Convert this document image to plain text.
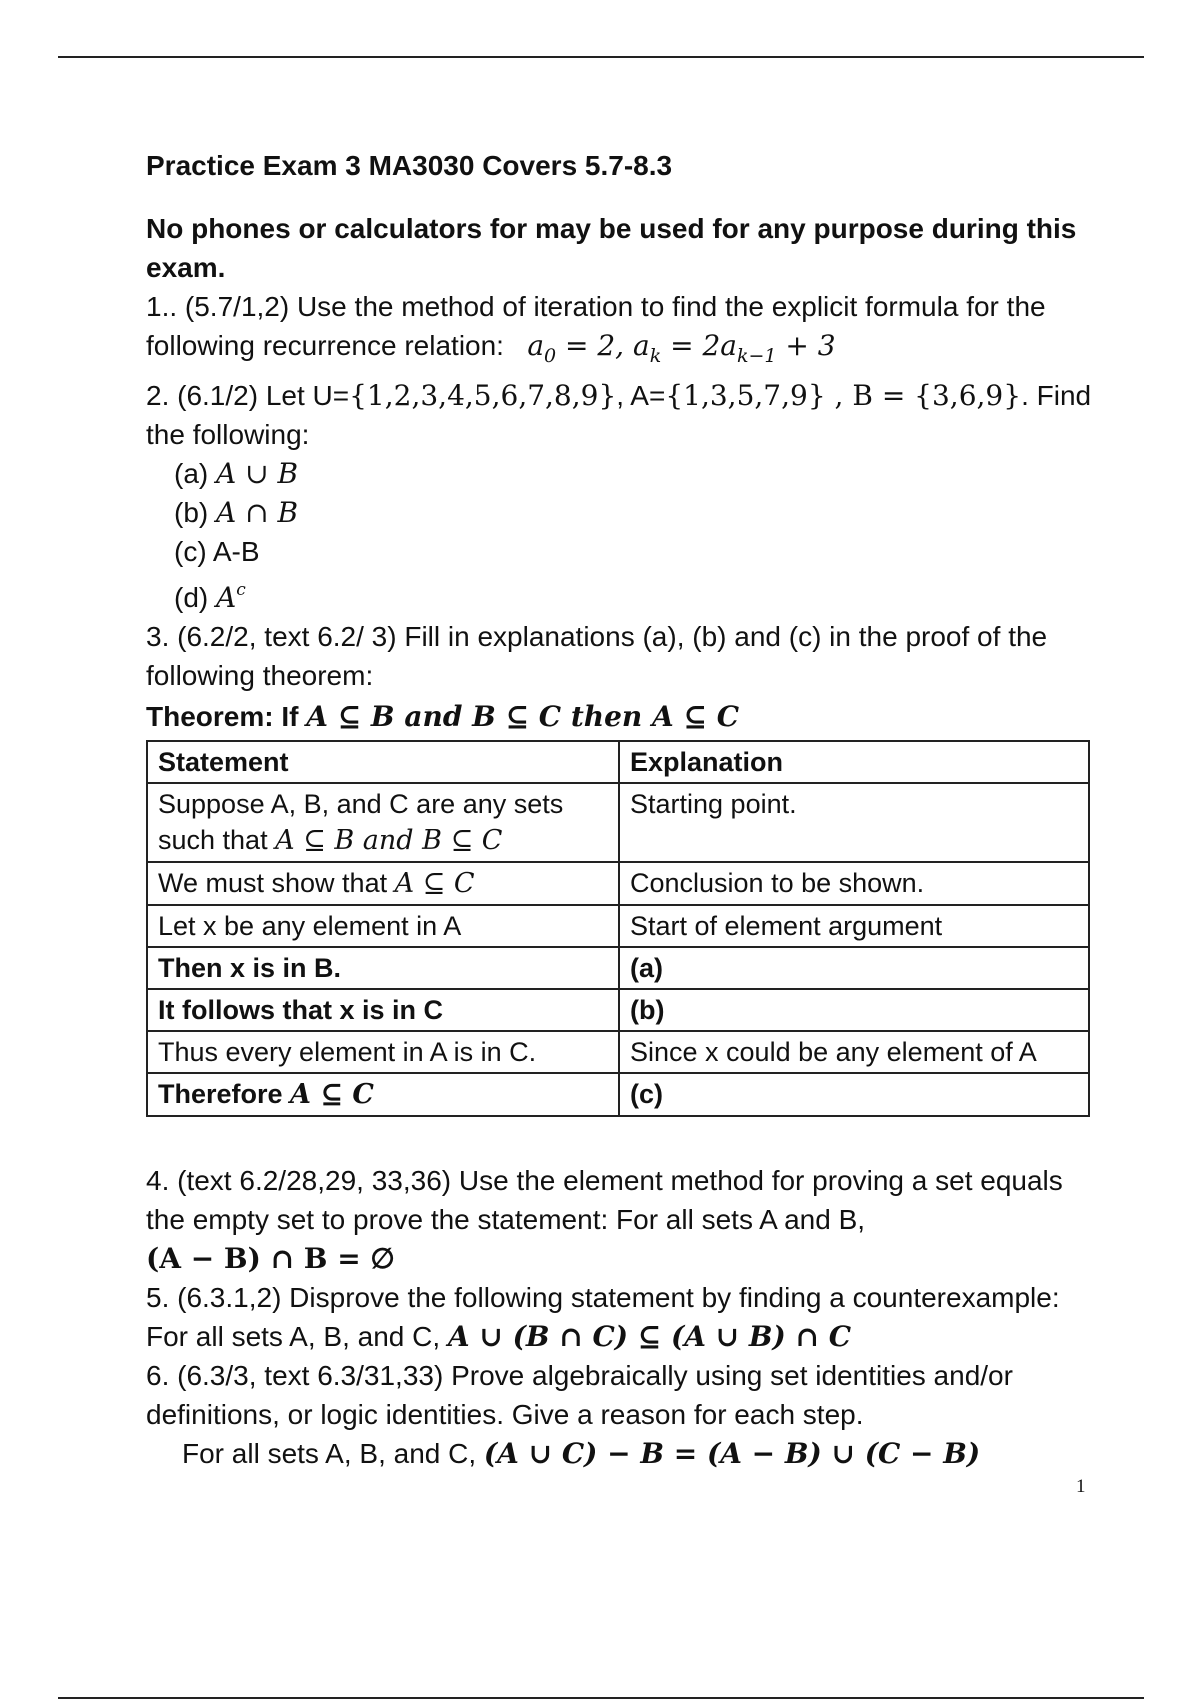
Practice Exam 3 MA3030 Covers 5.7-8.3

No phones or calculators for may be used for any purpose during this exam.

1.. (5.7/1,2) Use the method of iteration to find the explicit formula for the following recurrence relation: $a_0 = 2$, $a_k = 2a_{k-1} + 3$

2. (6.1/2) Let U={1,2,3,4,5,6,7,8,9}, A={1,3,5,7,9} , B = {3,6,9}. Find the following:

(a) A ∪ B

(b) A ∩ B

(c) A-B

(d) $A^c$

3. (6.2/2, text 6.2/ 3) Fill in explanations (a), (b) and (c) in the proof of the following theorem:

Theorem: If A ⊆ B and B ⊆ C then A ⊆ C

Statement	Explanation
Suppose A, B, and C are any sets such that A ⊆ B and B ⊆ C	Starting point.
We must show that A ⊆ C	Conclusion to be shown.
Let x be any element in A	Start of element argument
Then x is in B.	(a)
It follows that x is in C	(b)
Thus every element in A is in C.	Since x could be any element of A
Therefore A ⊆ C	(c)

4. (text 6.2/28,29, 33,36) Use the element method for proving a set equals the empty set to prove the statement: For all sets A and B,
(A − B) ∩ B = ∅

5. (6.3.1,2) Disprove the following statement by finding a counterexample: For all sets A, B, and C, A ∪ (B ∩ C) ⊆ (A ∪ B) ∩ C

6. (6.3/3, text 6.3/31,33) Prove algebraically using set identities and/or definitions, or logic identities. Give a reason for each step.

For all sets A, B, and C, (A ∪ C) − B = (A − B) ∪ (C − B)

1
